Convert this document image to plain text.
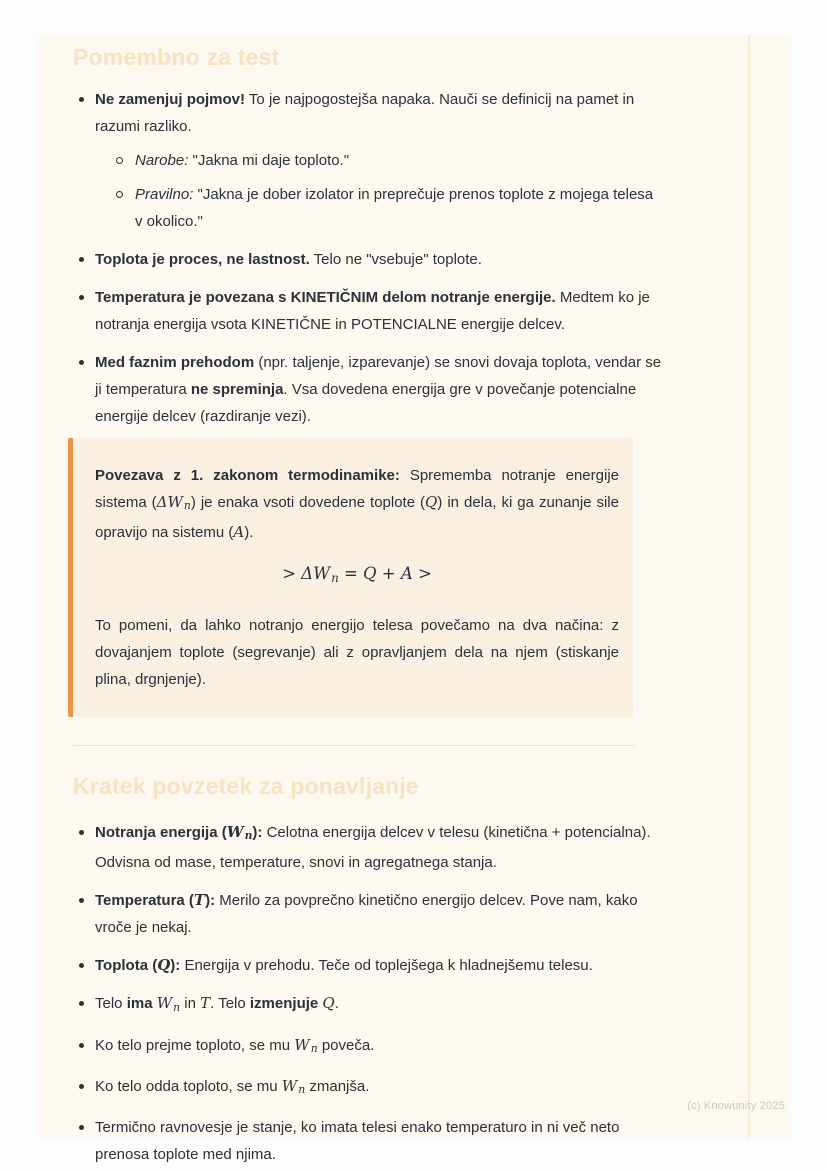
Pomembno za test
Ne zamenjuj pojmov! To je najpogostejša napaka. Nauči se definicij na pamet in razumi razliko.
Narobe: "Jakna mi daje toploto."
Pravilno: "Jakna je dober izolator in preprečuje prenos toplote z mojega telesa v okolico."
Toplota je proces, ne lastnost. Telo ne "vsebuje" toplote.
Temperatura je povezana s KINETIČNIM delom notranje energije. Medtem ko je notranja energija vsota KINETIČNE in POTENCIALNE energije delcev.
Med faznim prehodom (npr. taljenje, izparevanje) se snovi dovaja toplota, vendar se ji temperatura ne spreminja. Vsa dovedena energija gre v povečanje potencialne energije delcev (razdiranje vezi).

Povezava z 1. zakonom termodinamike: Sprememba notranje energije sistema (ΔWn) je enaka vsoti dovedene toplote (Q) in dela, ki ga zunanje sile opravijo na sistemu (A).

> ΔWn = Q + A >

To pomeni, da lahko notranjo energijo telesa povečamo na dva načina: z dovajanjem toplote (segrevanje) ali z opravljanjem dela na njem (stiskanje plina, drgnjenje).

Kratek povzetek za ponavljanje
Notranja energija (Wn): Celotna energija delcev v telesu (kinetična + potencialna). Odvisna od mase, temperature, snovi in agregatnega stanja.
Temperatura (T): Merilo za povprečno kinetično energijo delcev. Pove nam, kako vroče je nekaj.
Toplota (Q): Energija v prehodu. Teče od toplejšega k hladnejšemu telesu.
Telo ima Wn in T. Telo izmenjuje Q.
Ko telo prejme toploto, se mu Wn poveča.
Ko telo odda toploto, se mu Wn zmanjša.
Termično ravnovesje je stanje, ko imata telesi enako temperaturo in ni več neto prenosa toplote med njima.
(c) Knowunity 2025
